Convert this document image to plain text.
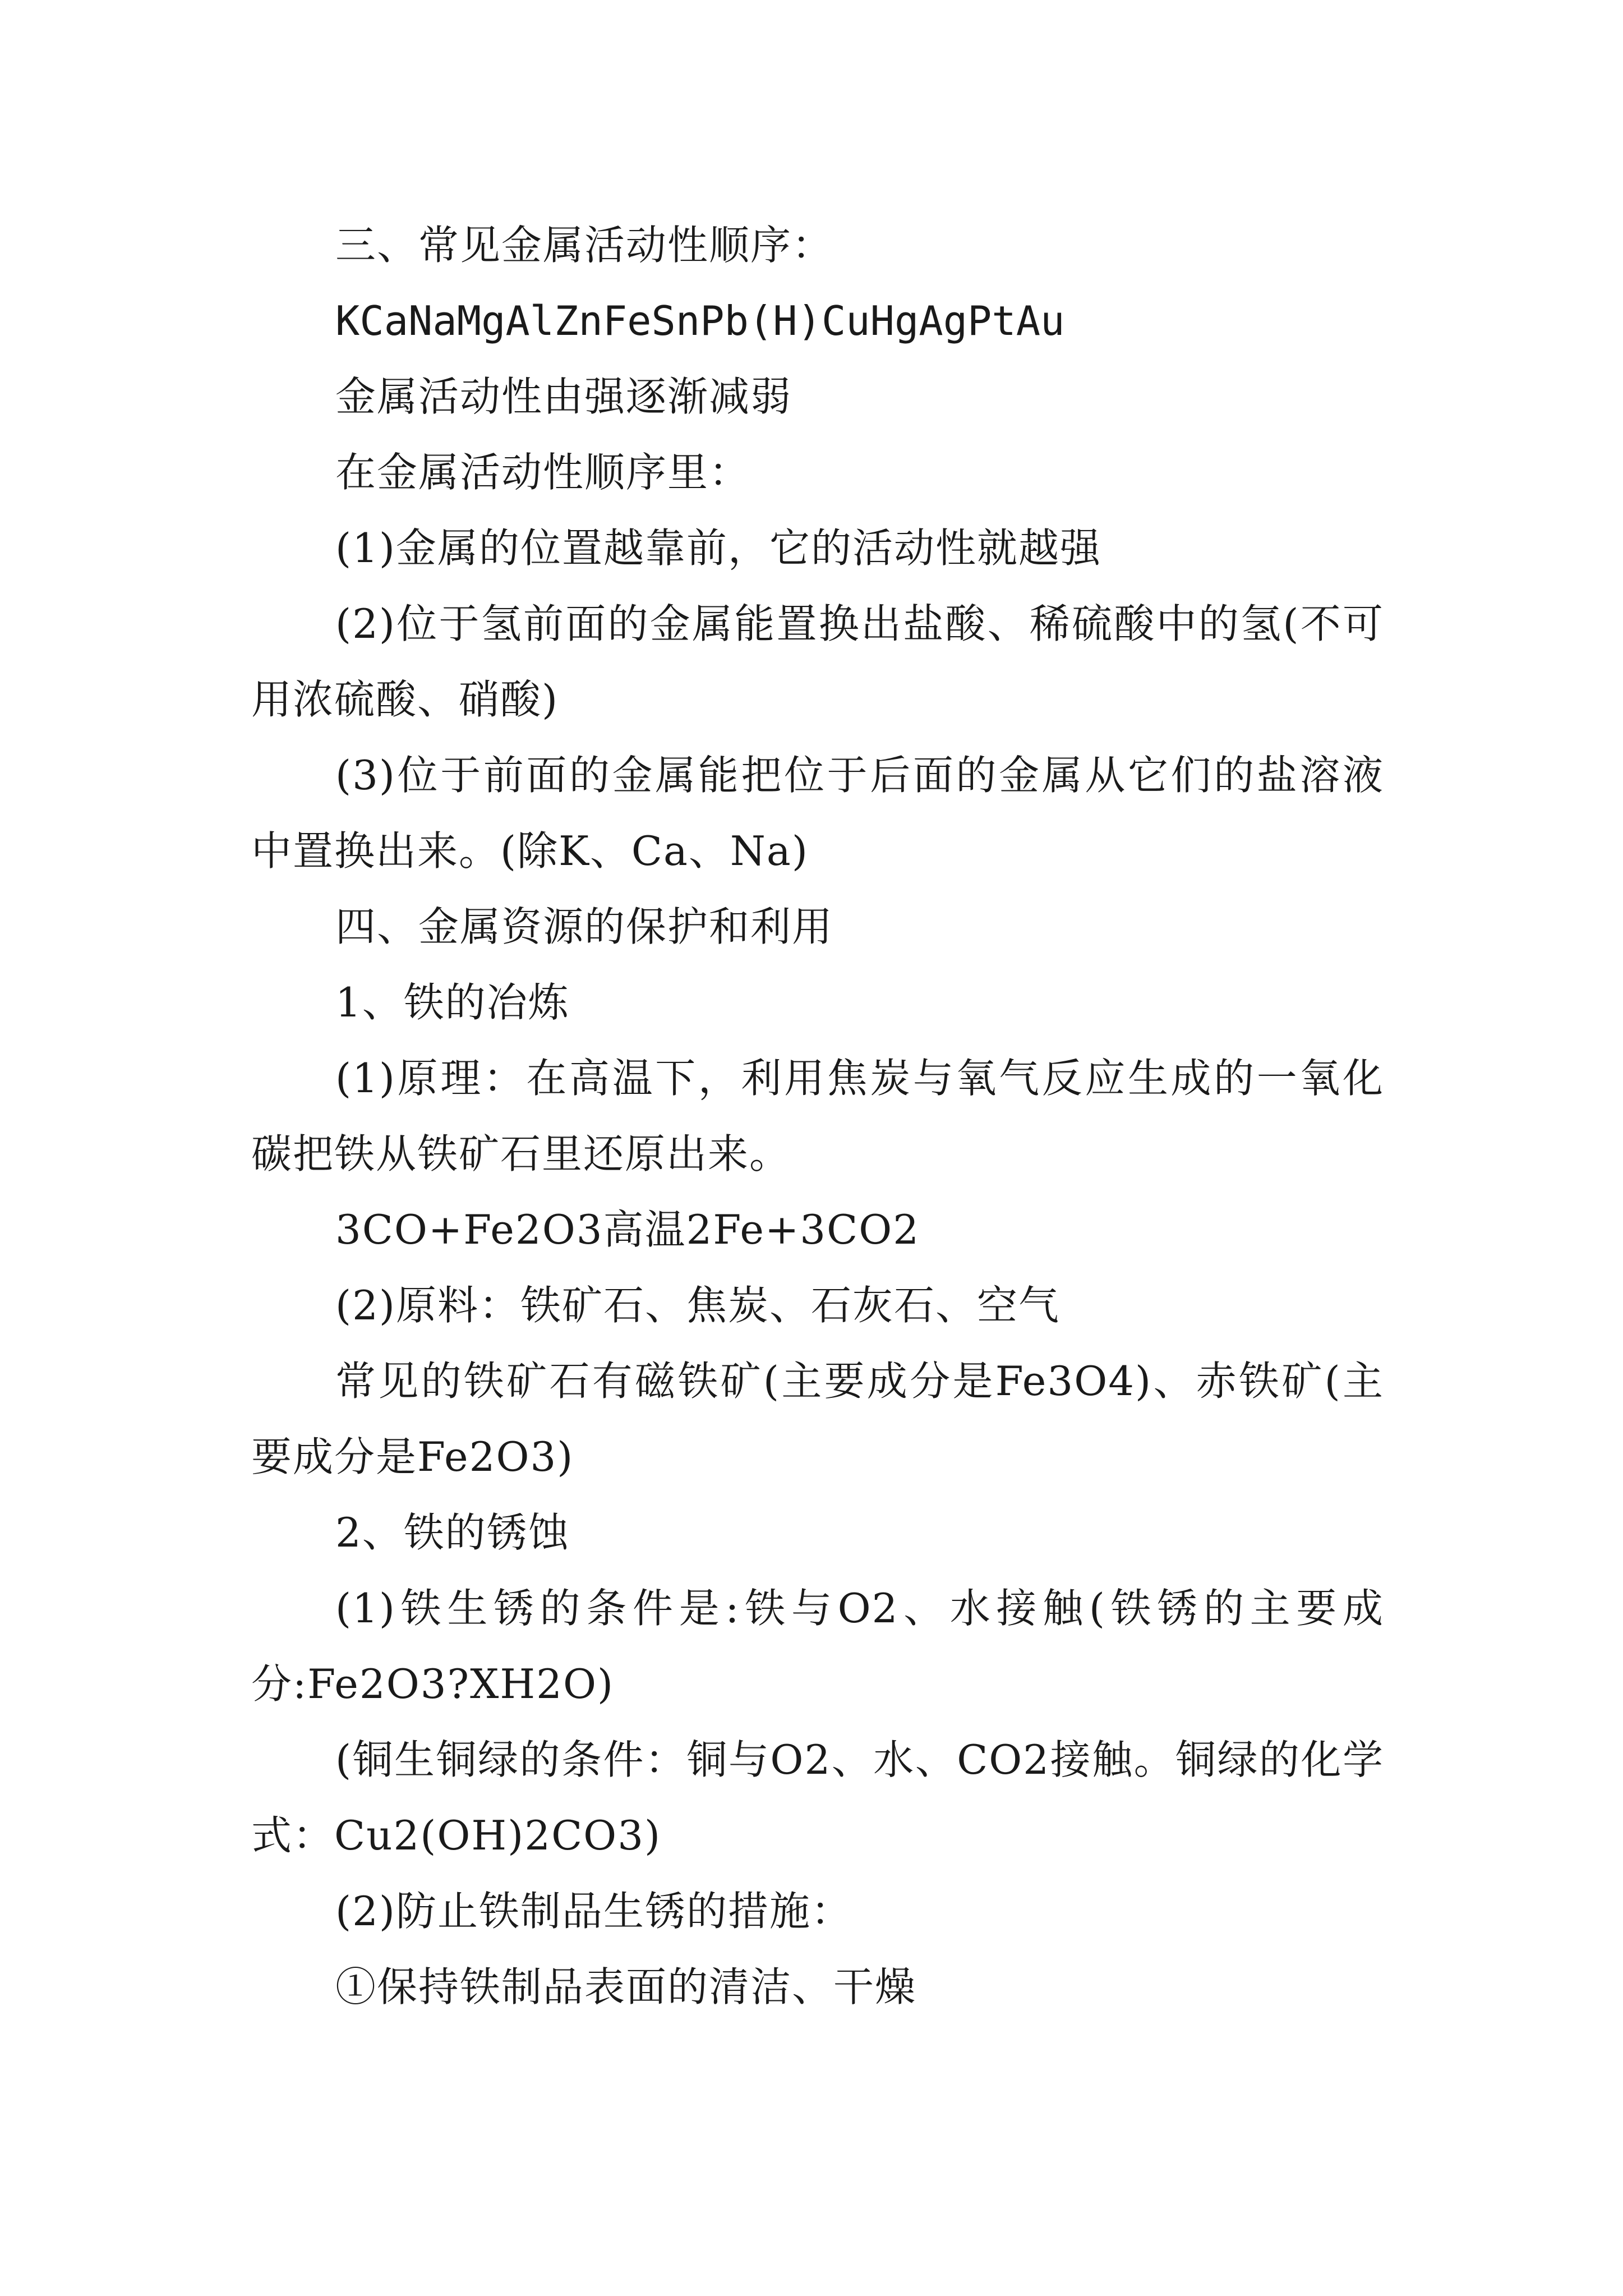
三、常见金属活动性顺序：

KCaNaMgAlZnFeSnPb(H)CuHgAgPtAu

金属活动性由强逐渐减弱

在金属活动性顺序里：

(1)金属的位置越靠前，它的活动性就越强

(2)位于氢前面的金属能置换出盐酸、稀硫酸中的氢(不可用浓硫酸、硝酸)

(3)位于前面的金属能把位于后面的金属从它们的盐溶液中置换出来。(除K、Ca、Na)

四、金属资源的保护和利用

1、铁的冶炼

(1)原理：在高温下，利用焦炭与氧气反应生成的一氧化碳把铁从铁矿石里还原出来。

3CO+Fe2O3高温2Fe+3CO2

(2)原料：铁矿石、焦炭、石灰石、空气

常见的铁矿石有磁铁矿(主要成分是Fe3O4)、赤铁矿(主要成分是Fe2O3)

2、铁的锈蚀

(1)铁生锈的条件是:铁与O2、水接触(铁锈的主要成分:Fe2O3?XH2O)

(铜生铜绿的条件：铜与O2、水、CO2接触。铜绿的化学式：Cu2(OH)2CO3)

(2)防止铁制品生锈的措施：

①保持铁制品表面的清洁、干燥
